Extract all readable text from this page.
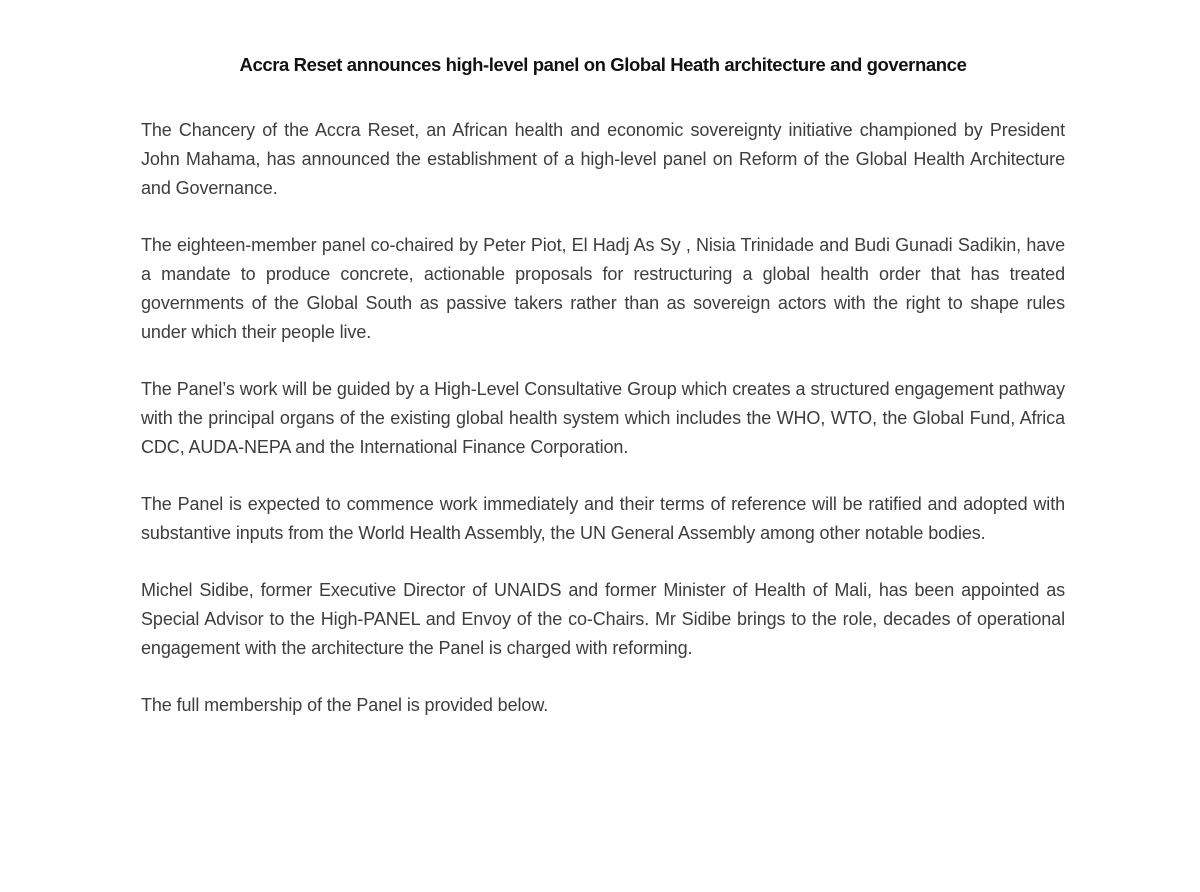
Accra Reset announces high-level panel on Global Heath architecture and governance

The Chancery of the Accra Reset, an African health and economic sovereignty initiative championed by President John Mahama, has announced the establishment of a high-level panel on Reform of the Global Health Architecture and Governance.

The eighteen-member panel co-chaired by Peter Piot, El Hadj As Sy , Nisia Trinidade and Budi Gunadi Sadikin, have a mandate to produce concrete, actionable proposals for restructuring a global health order that has treated governments of the Global South as passive takers rather than as sovereign actors with the right to shape rules under which their people live.

The Panel’s work will be guided by a High-Level Consultative Group which creates a structured engagement pathway with the principal organs of the existing global health system which includes the WHO, WTO, the Global Fund, Africa CDC, AUDA-NEPA and the International Finance Corporation.

The Panel is expected to commence work immediately and their terms of reference will be ratified and adopted with substantive inputs from the World Health Assembly, the UN General Assembly among other notable bodies.

Michel Sidibe, former Executive Director of UNAIDS and former Minister of Health of Mali, has been appointed as Special Advisor to the High-PANEL and Envoy of the co-Chairs. Mr Sidibe brings to the role, decades of operational engagement with the architecture the Panel is charged with reforming.

The full membership of the Panel is provided below.
